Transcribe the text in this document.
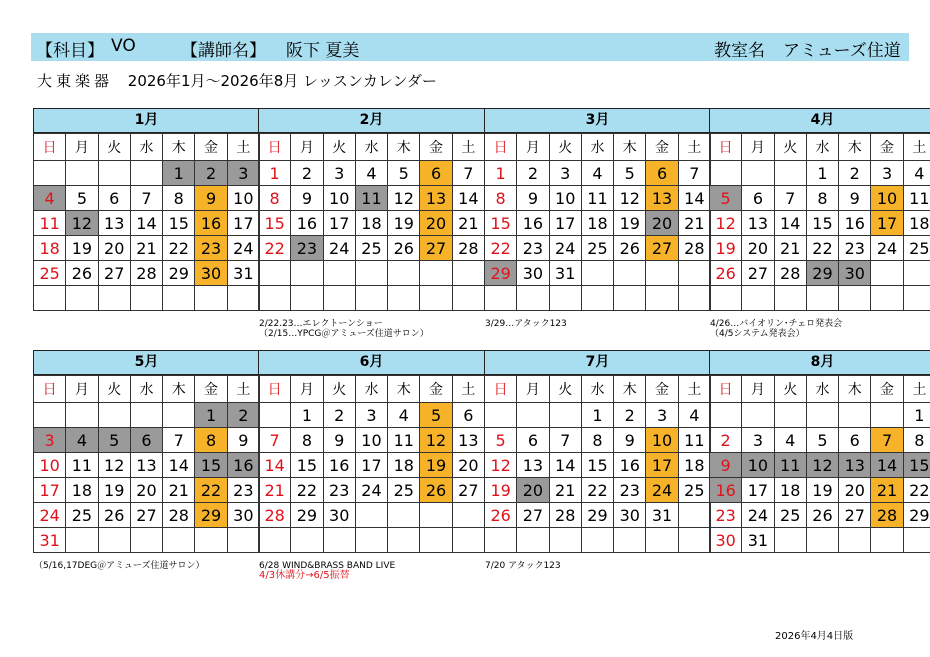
【科目】 VO	【講師名】 阪下 夏美	教室名 アミューズ住道
大東楽器 2026年1月～2026年8月 レッスンカレンダー
1月
日	月	火	水	木	金	土
				1	2	3
4	5	6	7	8	9	10
11	12	13	14	15	16	17
18	19	20	21	22	23	24
25	26	27	28	29	30	31

2月
日	月	火	水	木	金	土
1	2	3	4	5	6	7
8	9	10	11	12	13	14
15	16	17	18	19	20	21
22	23	24	25	26	27	28

2/22.23…エレクトーンショー
（2/15…YPCG＠アミューズ住道サロン）
3月
日	月	火	水	木	金	土
1	2	3	4	5	6	7
8	9	10	11	12	13	14
15	16	17	18	19	20	21
22	23	24	25	26	27	28
29	30	31				

3/29…アタック123
4月
日	月	火	水	木	金	土
			1	2	3	4
5	6	7	8	9	10	11
12	13	14	15	16	17	18
19	20	21	22	23	24	25
26	27	28	29	30		

4/26…バイオリン･チェロ発表会
（4/5システム発表会）
5月
日	月	火	水	木	金	土
					1	2
3	4	5	6	7	8	9
10	11	12	13	14	15	16
17	18	19	20	21	22	23
24	25	26	27	28	29	30
31						
（5/16,17DEG＠アミューズ住道サロン）
6月
日	月	火	水	木	金	土
	1	2	3	4	5	6
7	8	9	10	11	12	13
14	15	16	17	18	19	20
21	22	23	24	25	26	27
28	29	30				

6/28 WIND&BRASS BAND LIVE
4/3休講分→6/5振替
7月
日	月	火	水	木	金	土
			1	2	3	4
5	6	7	8	9	10	11
12	13	14	15	16	17	18
19	20	21	22	23	24	25
26	27	28	29	30	31	

7/20 アタック123
8月
日	月	火	水	木	金	土
						1
2	3	4	5	6	7	8
9	10	11	12	13	14	15
16	17	18	19	20	21	22
23	24	25	26	27	28	29
30	31					
2026年4月4日版
